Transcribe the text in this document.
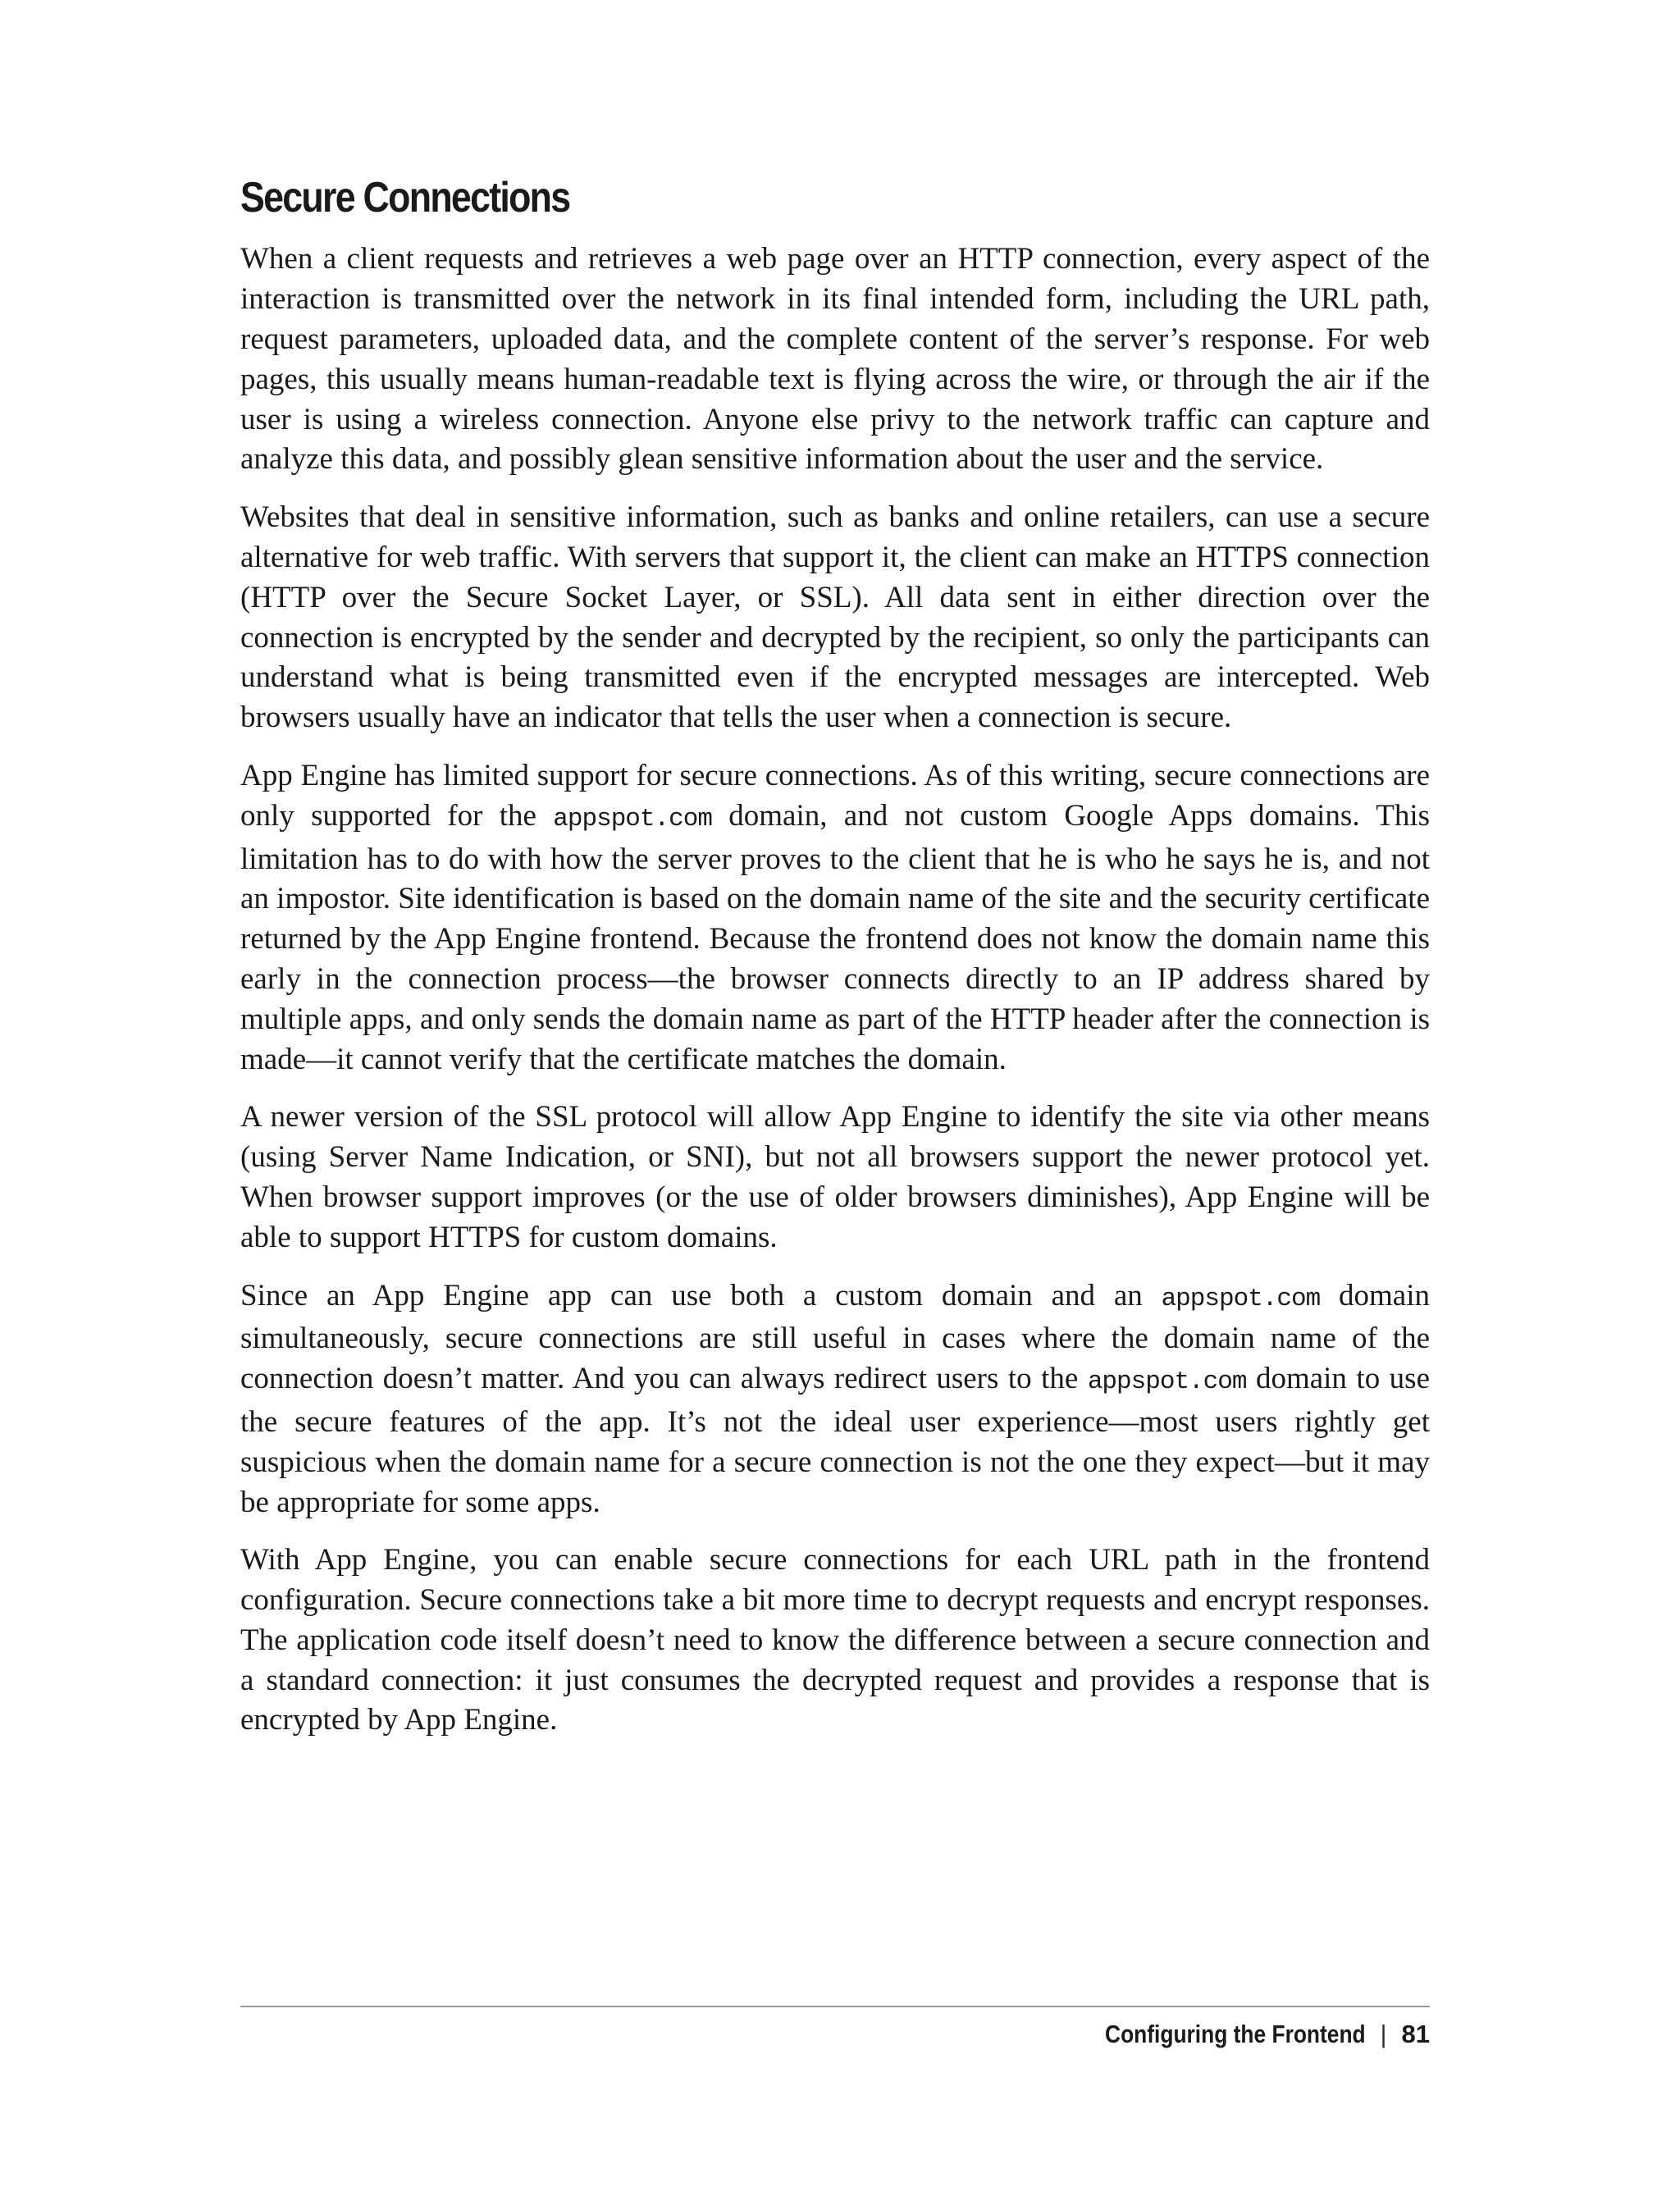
Secure Connections

When a client requests and retrieves a web page over an HTTP connection, every aspect of the interaction is transmitted over the network in its final intended form, including the URL path, request parameters, uploaded data, and the complete content of the server’s response. For web pages, this usually means human-readable text is flying across the wire, or through the air if the user is using a wireless connection. Anyone else privy to the network traffic can capture and analyze this data, and possibly glean sensitive information about the user and the service.

Websites that deal in sensitive information, such as banks and online retailers, can use a secure alternative for web traffic. With servers that support it, the client can make an HTTPS connection (HTTP over the Secure Socket Layer, or SSL). All data sent in either direction over the connection is encrypted by the sender and decrypted by the recipient, so only the participants can understand what is being transmitted even if the encrypted messages are intercepted. Web browsers usually have an indicator that tells the user when a connection is secure.

App Engine has limited support for secure connections. As of this writing, secure connections are only supported for the appspot.com domain, and not custom Google Apps domains. This limitation has to do with how the server proves to the client that he is who he says he is, and not an impostor. Site identification is based on the domain name of the site and the security certificate returned by the App Engine frontend. Because the frontend does not know the domain name this early in the connection process—the browser connects directly to an IP address shared by multiple apps, and only sends the domain name as part of the HTTP header after the connection is made—it cannot verify that the certificate matches the domain.

A newer version of the SSL protocol will allow App Engine to identify the site via other means (using Server Name Indication, or SNI), but not all browsers support the newer protocol yet. When browser support improves (or the use of older browsers diminishes), App Engine will be able to support HTTPS for custom domains.

Since an App Engine app can use both a custom domain and an appspot.com domain simultaneously, secure connections are still useful in cases where the domain name of the connection doesn’t matter. And you can always redirect users to the appspot.com domain to use the secure features of the app. It’s not the ideal user experience—most users rightly get suspicious when the domain name for a secure connection is not the one they expect—but it may be appropriate for some apps.

With App Engine, you can enable secure connections for each URL path in the frontend configuration. Secure connections take a bit more time to decrypt requests and encrypt responses. The application code itself doesn’t need to know the difference between a secure connection and a standard connection: it just consumes the decrypted request and provides a response that is encrypted by App Engine.

Configuring the Frontend | 81
